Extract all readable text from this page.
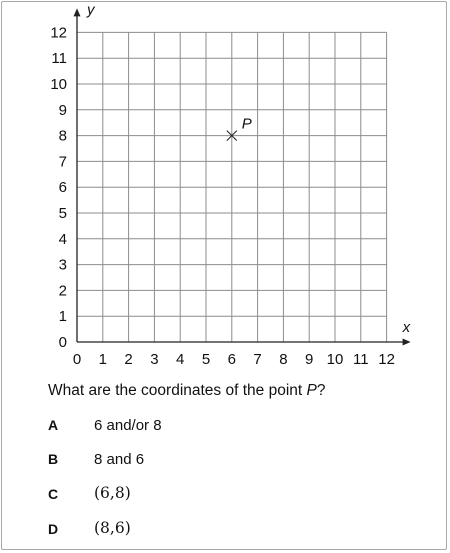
0 1 2 3 4 5 6 7 8 9 10 11 12
0
1
2
3
4
5
6
7
8
9
10
11
12
x
y
P
What are the coordinates of the point P?
A 6 and/or 8
B 8 and 6
C (6,8)
D (8,6)
